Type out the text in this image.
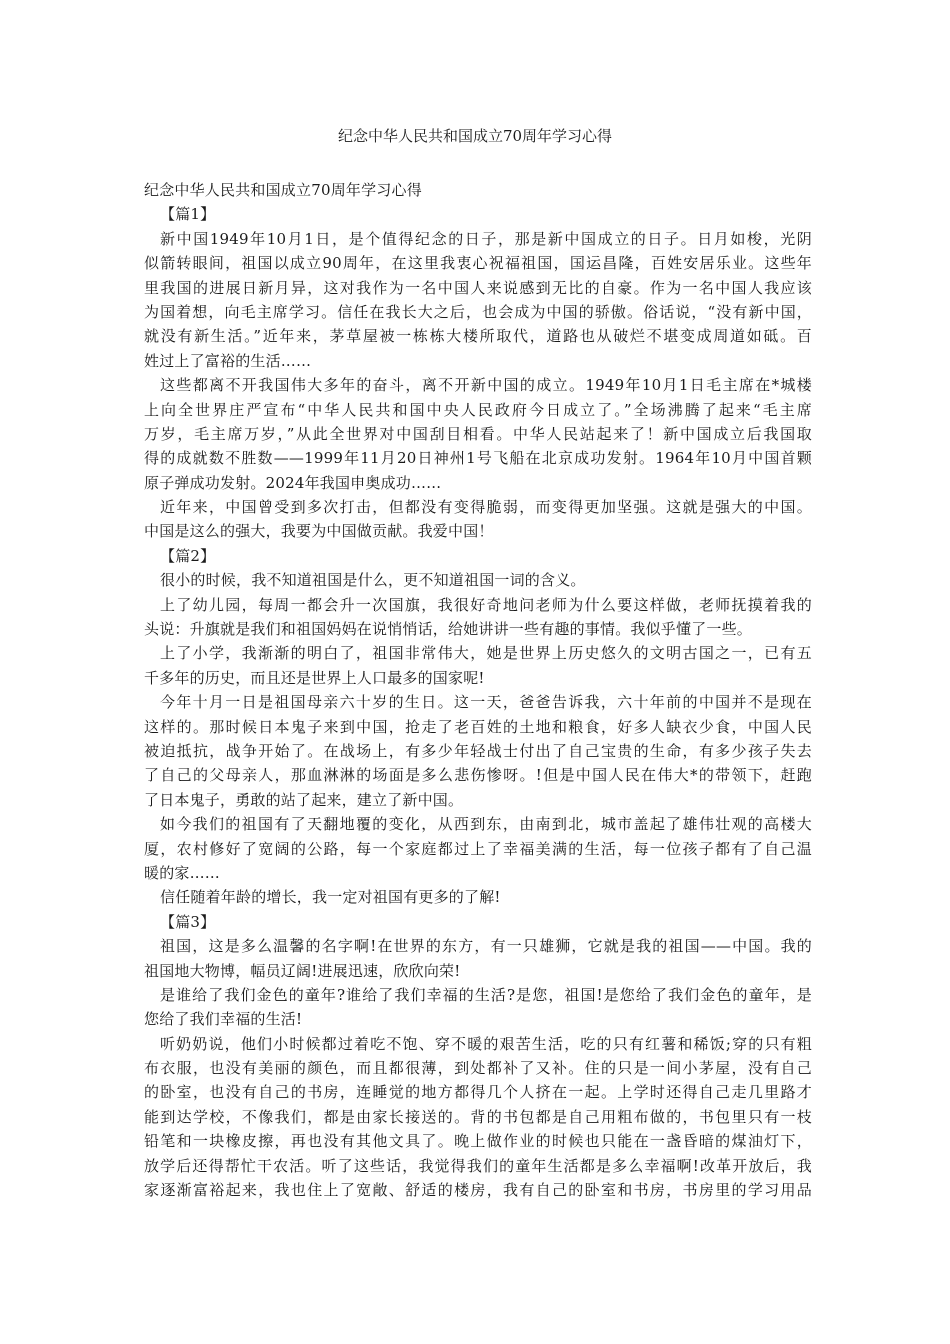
纪念中华人民共和国成立70周年学习心得
纪念中华人民共和国成立70周年学习心得
【篇1】
新中国1949年10月1日，是个值得纪念的日子，那是新中国成立的日子。日月如梭，光阴
似箭转眼间，祖国以成立90周年，在这里我衷心祝福祖国，国运昌隆，百姓安居乐业。这些年
里我国的进展日新月异，这对我作为一名中国人来说感到无比的自豪。作为一名中国人我应该
为国着想，向毛主席学习。信任在我长大之后，也会成为中国的骄傲。俗话说，“没有新中国，
就没有新生活。”近年来，茅草屋被一栋栋大楼所取代，道路也从破烂不堪变成周道如砥。百
姓过上了富裕的生活……
这些都离不开我国伟大多年的奋斗，离不开新中国的成立。1949年10月1日毛主席在*城楼
上向全世界庄严宣布“中华人民共和国中央人民政府今日成立了。”全场沸腾了起来“毛主席
万岁，毛主席万岁，”从此全世界对中国刮目相看。中华人民站起来了！新中国成立后我国取
得的成就数不胜数——1999年11月20日神州1号飞船在北京成功发射。1964年10月中国首颗
原子弹成功发射。2024年我国申奥成功……
近年来，中国曾受到多次打击，但都没有变得脆弱，而变得更加坚强。这就是强大的中国。
中国是这么的强大，我要为中国做贡献。我爱中国！
【篇2】
很小的时候，我不知道祖国是什么，更不知道祖国一词的含义。
上了幼儿园，每周一都会升一次国旗，我很好奇地问老师为什么要这样做，老师抚摸着我的
头说：升旗就是我们和祖国妈妈在说悄悄话，给她讲讲一些有趣的事情。我似乎懂了一些。
上了小学，我渐渐的明白了，祖国非常伟大，她是世界上历史悠久的文明古国之一，已有五
千多年的历史，而且还是世界上人口最多的国家呢!
今年十月一日是祖国母亲六十岁的生日。这一天，爸爸告诉我，六十年前的中国并不是现在
这样的。那时候日本鬼子来到中国，抢走了老百姓的土地和粮食，好多人缺衣少食，中国人民
被迫抵抗，战争开始了。在战场上，有多少年轻战士付出了自己宝贵的生命，有多少孩子失去
了自己的父母亲人，那血淋淋的场面是多么悲伤惨呀。!但是中国人民在伟大*的带领下，赶跑
了日本鬼子，勇敢的站了起来，建立了新中国。
如今我们的祖国有了天翻地覆的变化，从西到东，由南到北，城市盖起了雄伟壮观的高楼大
厦，农村修好了宽阔的公路，每一个家庭都过上了幸福美满的生活，每一位孩子都有了自己温
暖的家……
信任随着年龄的增长，我一定对祖国有更多的了解!
【篇3】
祖国，这是多么温馨的名字啊!在世界的东方，有一只雄狮，它就是我的祖国——中国。我的
祖国地大物博，幅员辽阔!进展迅速，欣欣向荣!
是谁给了我们金色的童年?谁给了我们幸福的生活?是您，祖国!是您给了我们金色的童年，是
您给了我们幸福的生活!
听奶奶说，他们小时候都过着吃不饱、穿不暖的艰苦生活，吃的只有红薯和稀饭;穿的只有粗
布衣服，也没有美丽的颜色，而且都很薄，到处都补了又补。住的只是一间小茅屋，没有自己
的卧室，也没有自己的书房，连睡觉的地方都得几个人挤在一起。上学时还得自己走几里路才
能到达学校，不像我们，都是由家长接送的。背的书包都是自己用粗布做的，书包里只有一枝
铅笔和一块橡皮擦，再也没有其他文具了。晚上做作业的时候也只能在一盏昏暗的煤油灯下，
放学后还得帮忙干农活。听了这些话，我觉得我们的童年生活都是多么幸福啊!改革开放后，我
家逐渐富裕起来，我也住上了宽敞、舒适的楼房，我有自己的卧室和书房，书房里的学习用品
